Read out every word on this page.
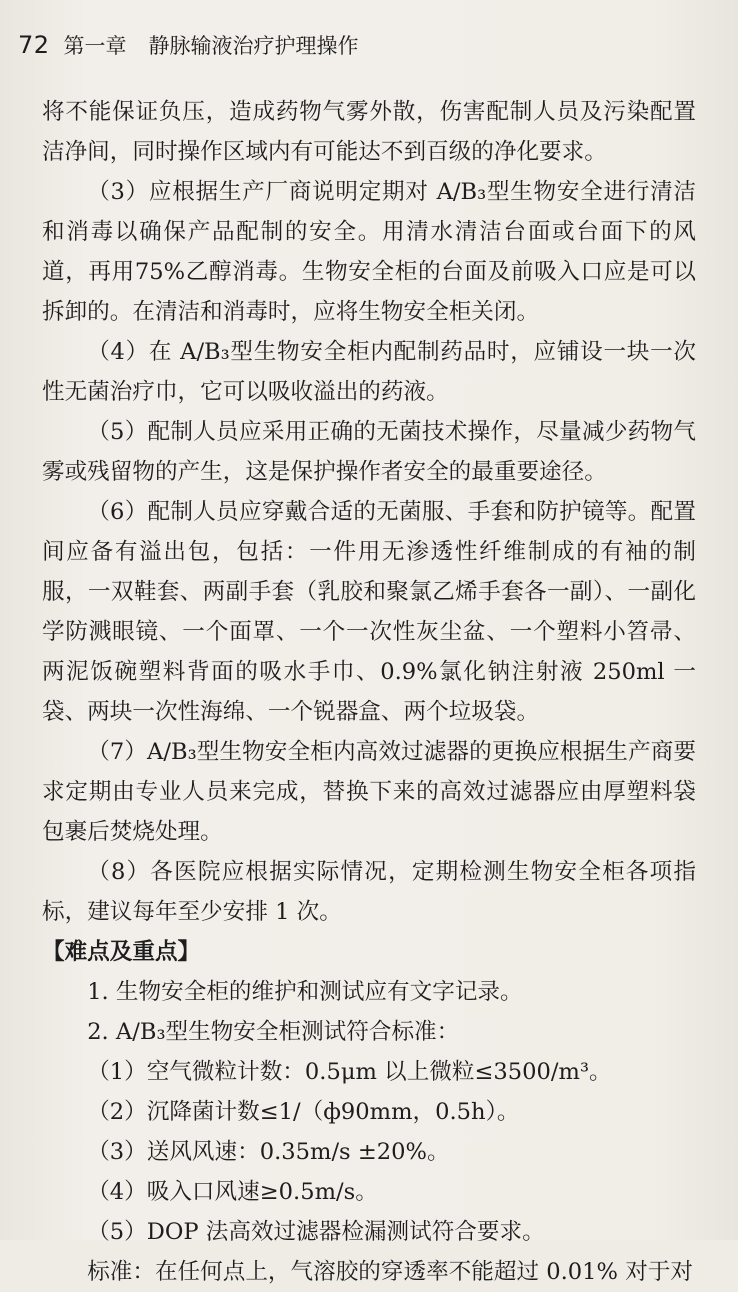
72 第一章 静脉输液治疗护理操作

将不能保证负压，造成药物气雾外散，伤害配制人员及污染配置洁净间，同时操作区域内有可能达不到百级的净化要求。

（3）应根据生产厂商说明定期对 A/B₃型生物安全进行清洁和消毒以确保产品配制的安全。用清水清洁台面或台面下的风道，再用75%乙醇消毒。生物安全柜的台面及前吸入口应是可以拆卸的。在清洁和消毒时，应将生物安全柜关闭。

（4）在 A/B₃型生物安全柜内配制药品时，应铺设一块一次性无菌治疗巾，它可以吸收溢出的药液。

（5）配制人员应采用正确的无菌技术操作，尽量减少药物气雾或残留物的产生，这是保护操作者安全的最重要途径。

（6）配制人员应穿戴合适的无菌服、手套和防护镜等。配置间应备有溢出包，包括：一件用无渗透性纤维制成的有袖的制服，一双鞋套、两副手套（乳胶和聚氯乙烯手套各一副）、一副化学防溅眼镜、一个面罩、一个一次性灰尘盆、一个塑料小笤帚、两泥饭碗塑料背面的吸水手巾、0.9%氯化钠注射液 250ml 一袋、两块一次性海绵、一个锐器盒、两个垃圾袋。

（7）A/B₃型生物安全柜内高效过滤器的更换应根据生产商要求定期由专业人员来完成，替换下来的高效过滤器应由厚塑料袋包裹后焚烧处理。

（8）各医院应根据实际情况，定期检测生物安全柜各项指标，建议每年至少安排 1 次。

【难点及重点】

1. 生物安全柜的维护和测试应有文字记录。

2. A/B₃型生物安全柜测试符合标准：

（1）空气微粒计数：0.5μm 以上微粒≤3500/m³。

（2）沉降菌计数≤1/（ф90mm，0.5h）。

（3）送风风速：0.35m/s ±20%。

（4）吸入口风速≥0.5m/s。

（5）DOP 法高效过滤器检漏测试符合要求。

标准：在任何点上，气溶胶的穿透率不能超过 0.01% 对于对
